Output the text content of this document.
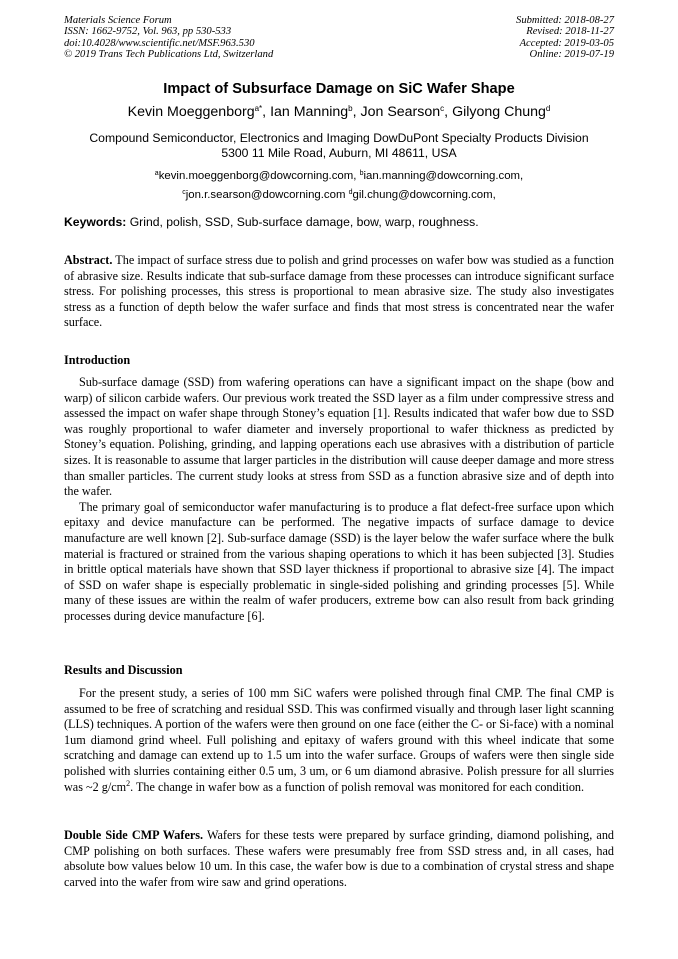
Materials Science Forum
ISSN: 1662-9752, Vol. 963, pp 530-533
doi:10.4028/www.scientific.net/MSF.963.530
© 2019 Trans Tech Publications Ltd, Switzerland
Submitted: 2018-08-27
Revised: 2018-11-27
Accepted: 2019-03-05
Online: 2019-07-19
Impact of Subsurface Damage on SiC Wafer Shape
Kevin Moeggenborg$^{a*}$, Ian Manning$^b$, Jon Searson$^c$, Gilyong Chung$^d$
Compound Semiconductor, Electronics and Imaging DowDuPont Specialty Products Division
5300 11 Mile Road, Auburn, MI 48611, USA
$^a$kevin.moeggenborg@dowcorning.com, $^b$ian.manning@dowcorning.com,
$^c$jon.r.searson@dowcorning.com $^d$gil.chung@dowcorning.com,
Keywords: Grind, polish, SSD, Sub-surface damage, bow, warp, roughness.

Abstract. The impact of surface stress due to polish and grind processes on wafer bow was studied as a function of abrasive size. Results indicate that sub-surface damage from these processes can introduce significant surface stress. For polishing processes, this stress is proportional to mean abrasive size. The study also investigates stress as a function of depth below the wafer surface and finds that most stress is concentrated near the wafer surface.

Introduction

Sub-surface damage (SSD) from wafering operations can have a significant impact on the shape (bow and warp) of silicon carbide wafers. Our previous work treated the SSD layer as a film under compressive stress and assessed the impact on wafer shape through Stoney’s equation [1]. Results indicated that wafer bow due to SSD was roughly proportional to wafer diameter and inversely proportional to wafer thickness as predicted by Stoney’s equation. Polishing, grinding, and lapping operations each use abrasives with a distribution of particle sizes. It is reasonable to assume that larger particles in the distribution will cause deeper damage and more stress than smaller particles. The current study looks at stress from SSD as a function abrasive size and of depth into the wafer.

The primary goal of semiconductor wafer manufacturing is to produce a flat defect-free surface upon which epitaxy and device manufacture can be performed. The negative impacts of surface damage to device manufacture are well known [2]. Sub-surface damage (SSD) is the layer below the wafer surface where the bulk material is fractured or strained from the various shaping operations to which it has been subjected [3]. Studies in brittle optical materials have shown that SSD layer thickness if proportional to abrasive size [4]. The impact of SSD on wafer shape is especially problematic in single-sided polishing and grinding processes [5]. While many of these issues are within the realm of wafer producers, extreme bow can also result from back grinding processes during device manufacture [6].

Results and Discussion

For the present study, a series of 100 mm SiC wafers were polished through final CMP. The final CMP is assumed to be free of scratching and residual SSD. This was confirmed visually and through laser light scanning (LLS) techniques. A portion of the wafers were then ground on one face (either the C- or Si-face) with a nominal 1um diamond grind wheel. Full polishing and epitaxy of wafers ground with this wheel indicate that some scratching and damage can extend up to 1.5 um into the wafer surface. Groups of wafers were then single side polished with slurries containing either 0.5 um, 3 um, or 6 um diamond abrasive. Polish pressure for all slurries was ~2 $g/cm^2$. The change in wafer bow as a function of polish removal was monitored for each condition.

Double Side CMP Wafers. Wafers for these tests were prepared by surface grinding, diamond polishing, and CMP polishing on both surfaces. These wafers were presumably free from SSD stress and, in all cases, had absolute bow values below 10 um. In this case, the wafer bow is due to a combination of crystal stress and shape carved into the wafer from wire saw and grind operations.
